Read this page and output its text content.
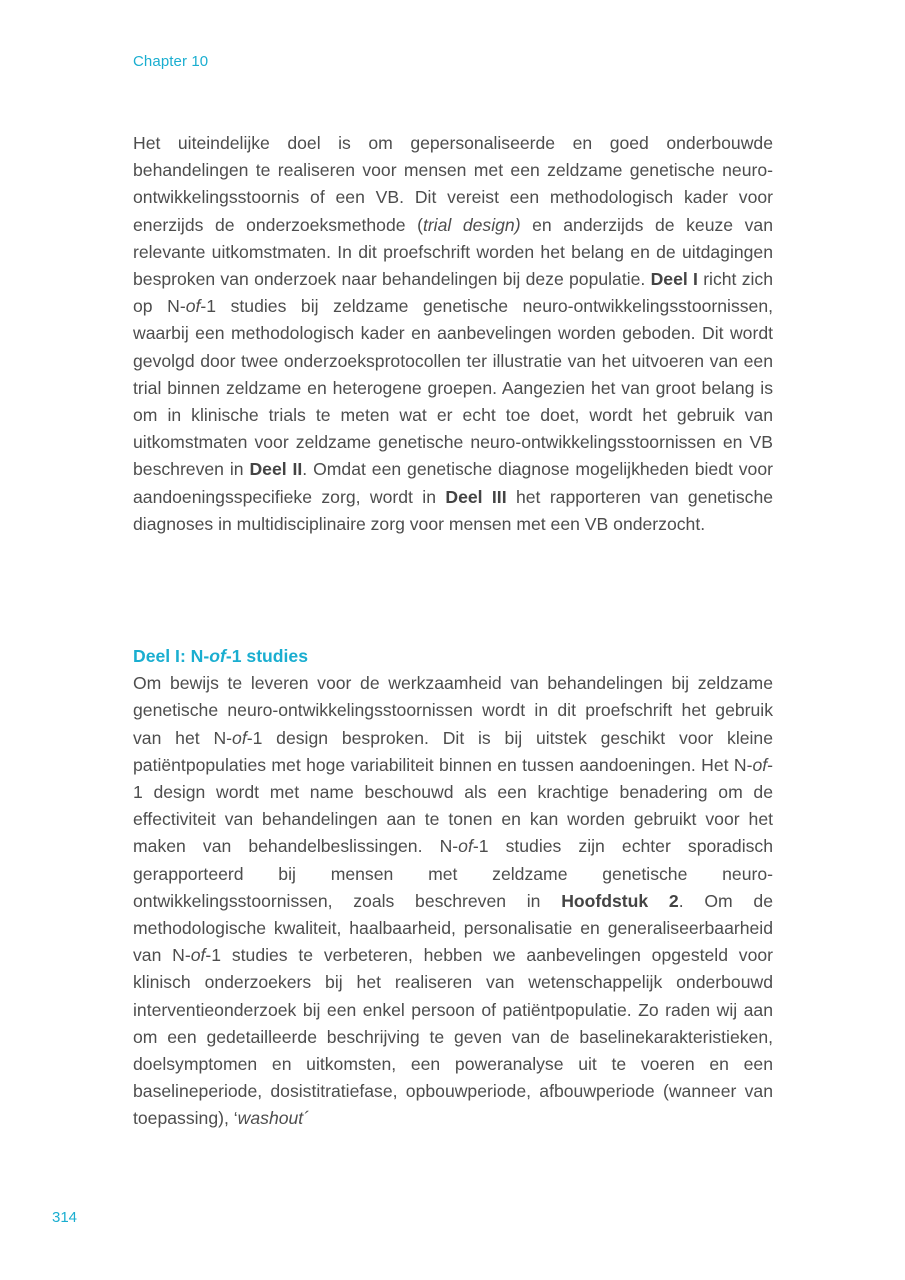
Chapter 10
Het uiteindelijke doel is om gepersonaliseerde en goed onderbouwde behandelingen te realiseren voor mensen met een zeldzame genetische neuro-ontwikkelingsstoornis of een VB. Dit vereist een methodologisch kader voor enerzijds de onderzoeksmethode (trial design) en anderzijds de keuze van relevante uitkomstmaten. In dit proefschrift worden het belang en de uitdagingen besproken van onderzoek naar behandelingen bij deze populatie. Deel I richt zich op N-of-1 studies bij zeldzame genetische neuro-ontwikkelingsstoornissen, waarbij een methodologisch kader en aanbevelingen worden geboden. Dit wordt gevolgd door twee onderzoeksprotocollen ter illustratie van het uitvoeren van een trial binnen zeldzame en heterogene groepen. Aangezien het van groot belang is om in klinische trials te meten wat er echt toe doet, wordt het gebruik van uitkomstmaten voor zeldzame genetische neuro-ontwikkelingsstoornissen en VB beschreven in Deel II. Omdat een genetische diagnose mogelijkheden biedt voor aandoeningsspecifieke zorg, wordt in Deel III het rapporteren van genetische diagnoses in multidisciplinaire zorg voor mensen met een VB onderzocht.
Deel I: N-of-1 studies
Om bewijs te leveren voor de werkzaamheid van behandelingen bij zeldzame genetische neuro-ontwikkelingsstoornissen wordt in dit proefschrift het gebruik van het N-of-1 design besproken. Dit is bij uitstek geschikt voor kleine patiëntpopulaties met hoge variabiliteit binnen en tussen aandoeningen. Het N-of-1 design wordt met name beschouwd als een krachtige benadering om de effectiviteit van behandelingen aan te tonen en kan worden gebruikt voor het maken van behandelbeslissingen. N-of-1 studies zijn echter sporadisch gerapporteerd bij mensen met zeldzame genetische neuro-ontwikkelingsstoornissen, zoals beschreven in Hoofdstuk 2. Om de methodologische kwaliteit, haalbaarheid, personalisatie en generaliseerbaarheid van N-of-1 studies te verbeteren, hebben we aanbevelingen opgesteld voor klinisch onderzoekers bij het realiseren van wetenschappelijk onderbouwd interventieonderzoek bij een enkel persoon of patiëntpopulatie. Zo raden wij aan om een gedetailleerde beschrijving te geven van de baselinekarakteristieken, doelsymptomen en uitkomsten, een poweranalyse uit te voeren en een baselineperiode, dosistitratiefase, opbouwperiode, afbouwperiode (wanneer van toepassing), ‘washout´
314
